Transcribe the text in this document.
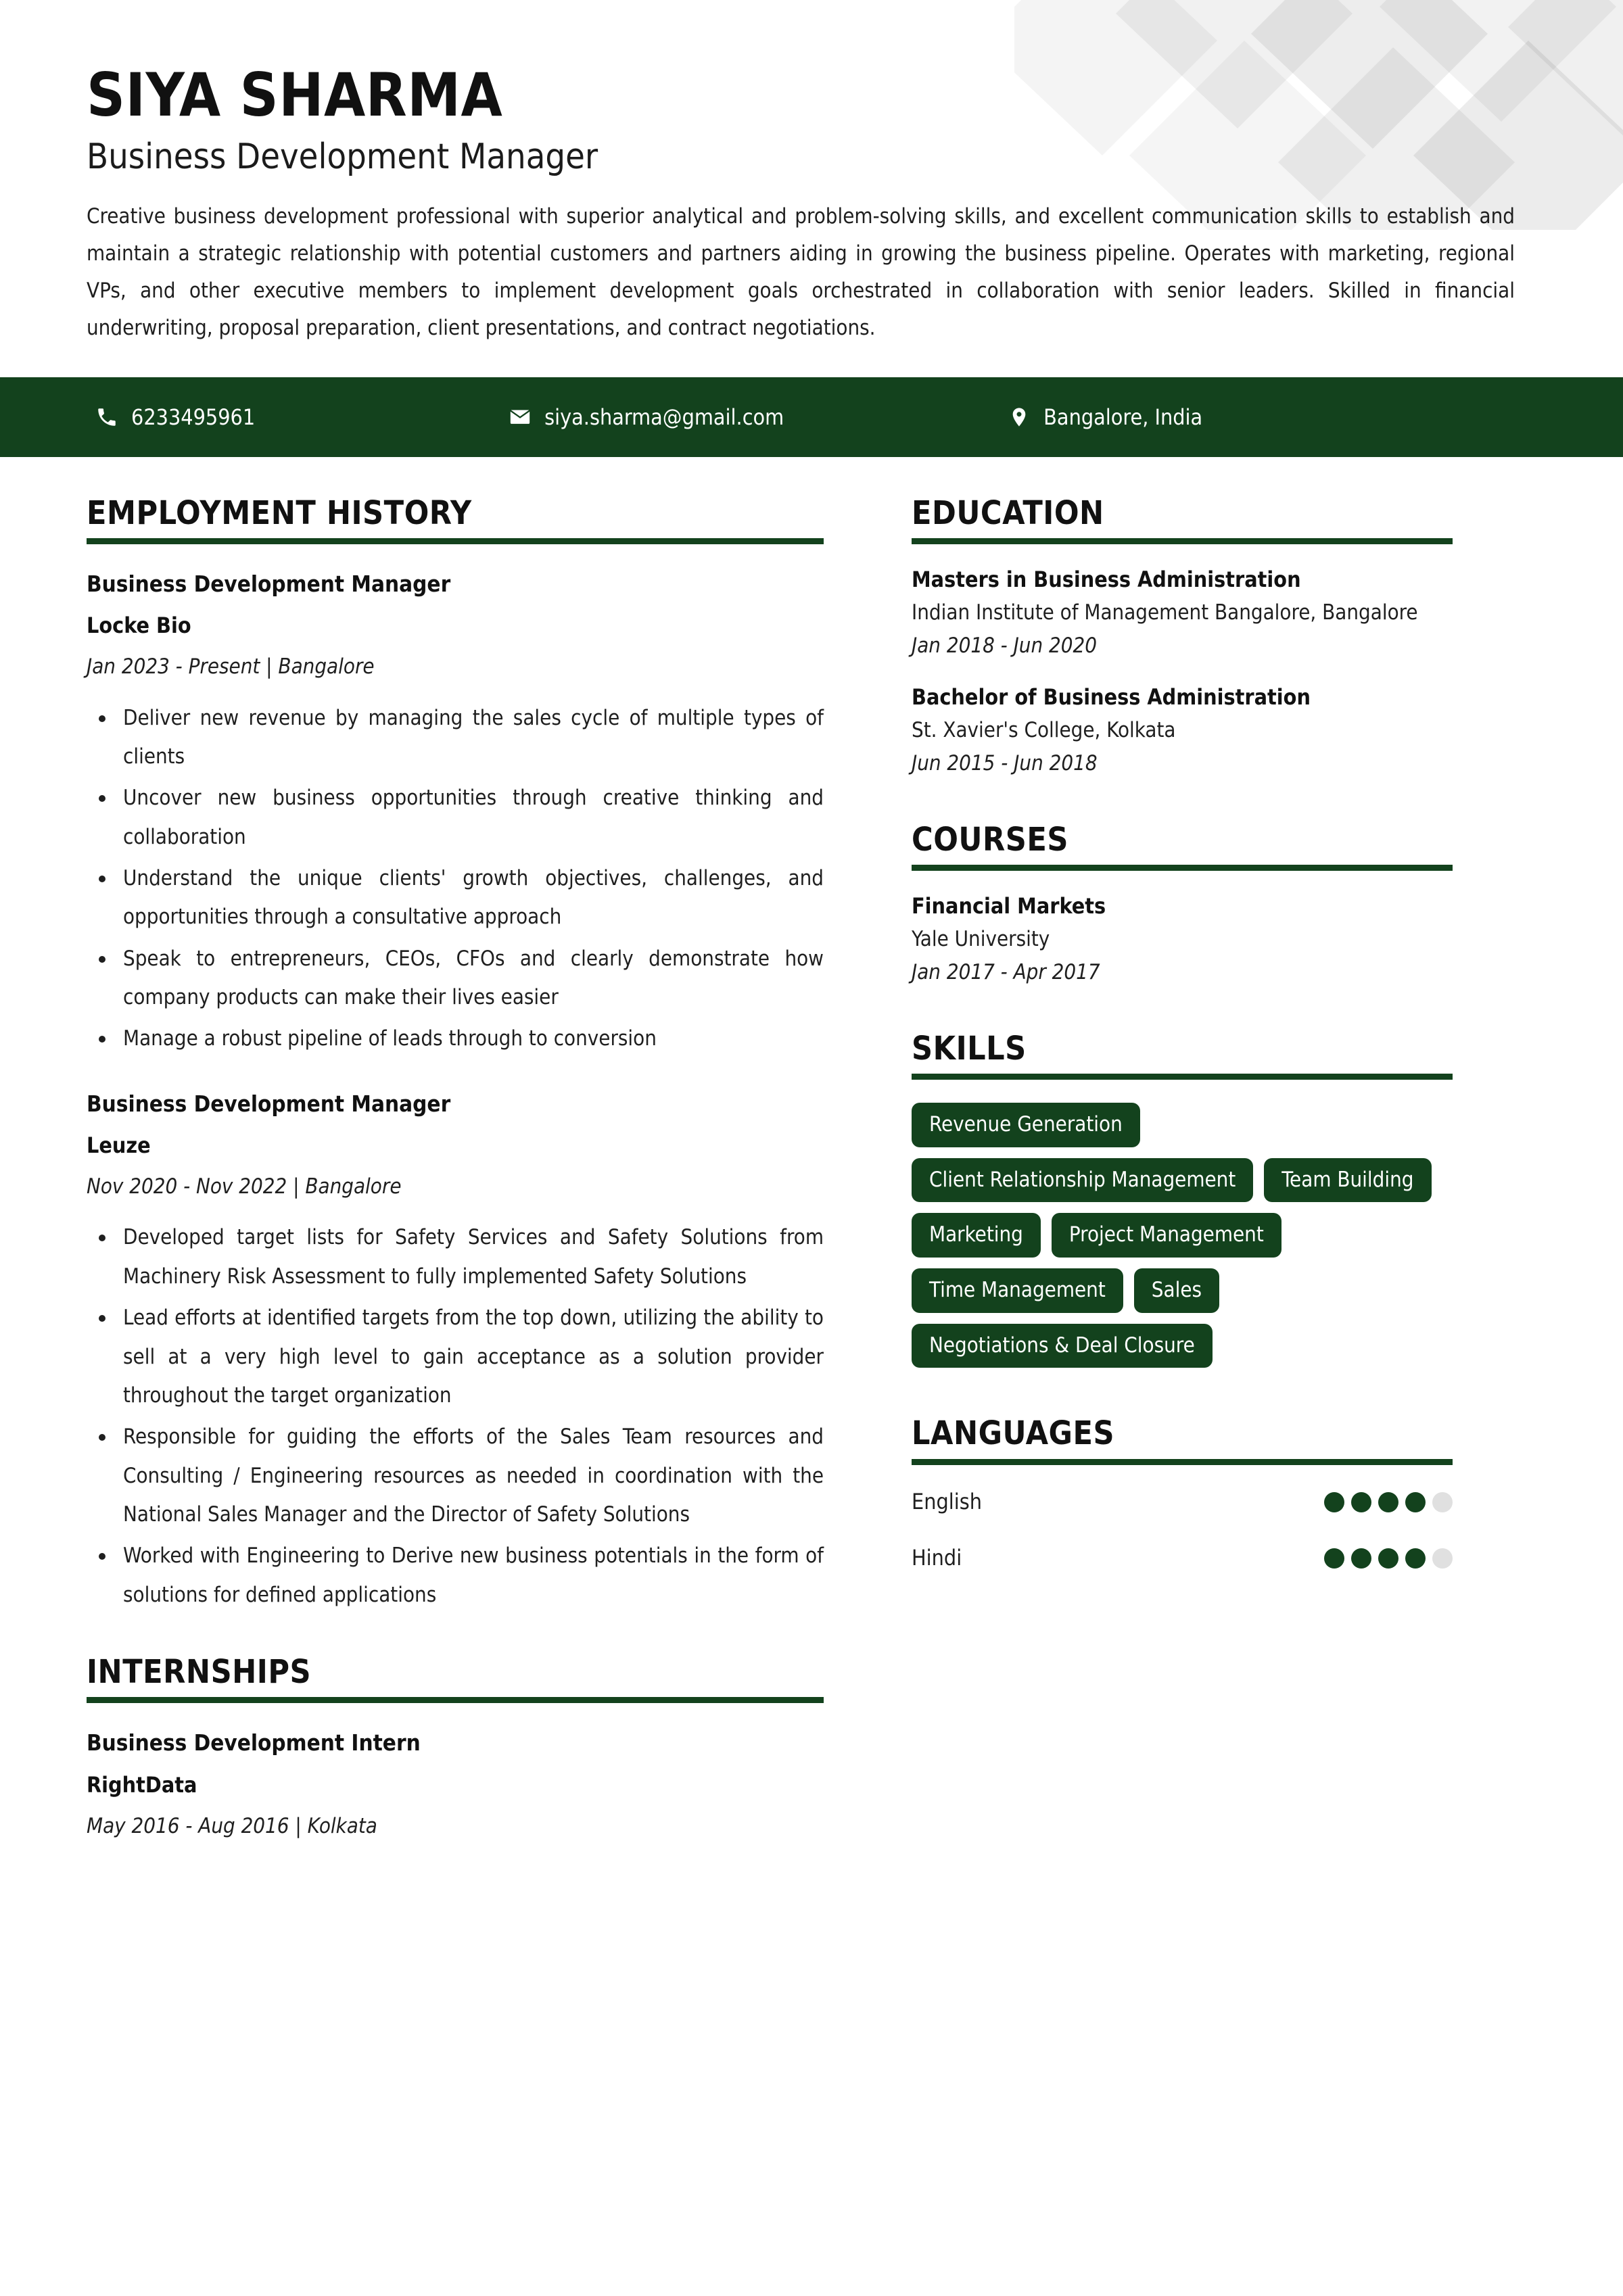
SIYA SHARMA
Business Development Manager

Creative business development professional with superior analytical and problem-solving skills, and excellent communication skills to establish and maintain a strategic relationship with potential customers and partners aiding in growing the business pipeline. Operates with marketing, regional VPs, and other executive members to implement development goals orchestrated in collaboration with senior leaders. Skilled in financial underwriting, proposal preparation, client presentations, and contract negotiations.

6233495961	siya.sharma@gmail.com	Bangalore, India
EMPLOYMENT HISTORY
Business Development Manager
Locke Bio
Jan 2023 - Present | Bangalore
Deliver new revenue by managing the sales cycle of multiple types of clients
Uncover new business opportunities through creative thinking and collaboration
Understand the unique clients' growth objectives, challenges, and opportunities through a consultative approach
Speak to entrepreneurs, CEOs, CFOs and clearly demonstrate how company products can make their lives easier
Manage a robust pipeline of leads through to conversion
Business Development Manager
Leuze
Nov 2020 - Nov 2022 | Bangalore
Developed target lists for Safety Services and Safety Solutions from Machinery Risk Assessment to fully implemented Safety Solutions
Lead efforts at identified targets from the top down, utilizing the ability to sell at a very high level to gain acceptance as a solution provider throughout the target organization
Responsible for guiding the efforts of the Sales Team resources and Consulting / Engineering resources as needed in coordination with the National Sales Manager and the Director of Safety Solutions
Worked with Engineering to Derive new business potentials in the form of solutions for defined applications
INTERNSHIPS
Business Development Intern
RightData
May 2016 - Aug 2016 | Kolkata
EDUCATION
Masters in Business Administration
Indian Institute of Management Bangalore, Bangalore
Jan 2018 - Jun 2020
Bachelor of Business Administration
St. Xavier's College, Kolkata
Jun 2015 - Jun 2018
COURSES
Financial Markets
Yale University
Jan 2017 - Apr 2017
SKILLS
Revenue Generation
Client Relationship Management	Team Building
Marketing	Project Management
Time Management	Sales
Negotiations & Deal Closure
LANGUAGES
English
Hindi
